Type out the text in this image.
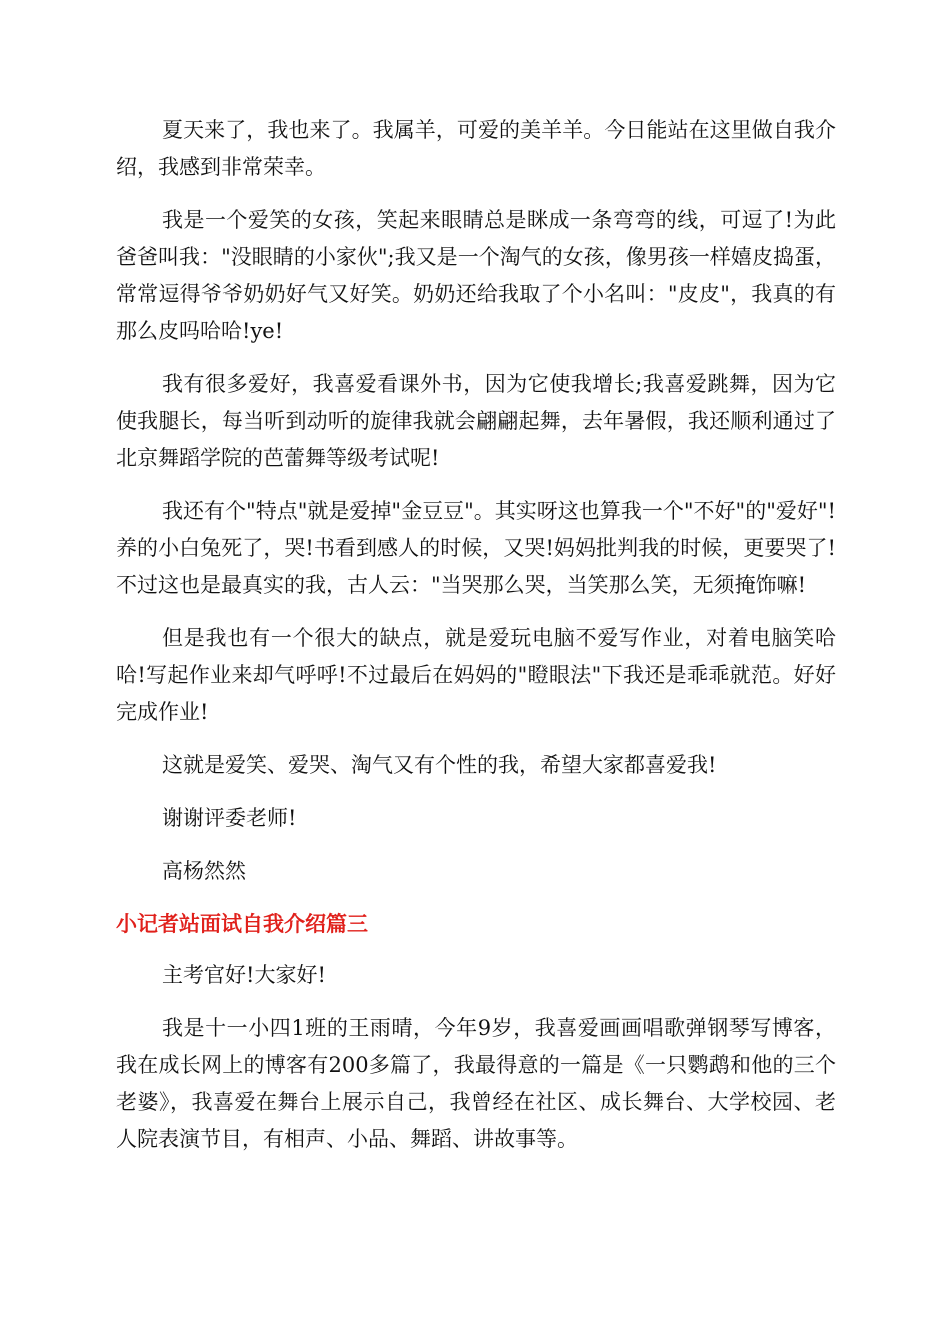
夏天来了，我也来了。我属羊，可爱的美羊羊。今日能站在这里做自我介绍，我感到非常荣幸。

我是一个爱笑的女孩，笑起来眼睛总是眯成一条弯弯的线，可逗了!为此爸爸叫我："没眼睛的小家伙";我又是一个淘气的女孩，像男孩一样嬉皮捣蛋，常常逗得爷爷奶奶好气又好笑。奶奶还给我取了个小名叫："皮皮"，我真的有那么皮吗哈哈!ye!

我有很多爱好，我喜爱看课外书，因为它使我增长;我喜爱跳舞，因为它使我腿长，每当听到动听的旋律我就会翩翩起舞，去年暑假，我还顺利通过了北京舞蹈学院的芭蕾舞等级考试呢!

我还有个"特点"就是爱掉"金豆豆"。其实呀这也算我一个"不好"的"爱好"!养的小白兔死了，哭!书看到感人的时候，又哭!妈妈批判我的时候，更要哭了!不过这也是最真实的我，古人云："当哭那么哭，当笑那么笑，无须掩饰嘛!

但是我也有一个很大的缺点，就是爱玩电脑不爱写作业，对着电脑笑哈哈!写起作业来却气呼呼!不过最后在妈妈的"瞪眼法"下我还是乖乖就范。好好完成作业!

这就是爱笑、爱哭、淘气又有个性的我，希望大家都喜爱我!

谢谢评委老师!

高杨然然

小记者站面试自我介绍篇三

主考官好!大家好!

我是十一小四1班的王雨晴，今年9岁，我喜爱画画唱歌弹钢琴写博客，我在成长网上的博客有200多篇了，我最得意的一篇是《一只鹦鹉和他的三个老婆》，我喜爱在舞台上展示自己，我曾经在社区、成长舞台、大学校园、老人院表演节目，有相声、小品、舞蹈、讲故事等。
